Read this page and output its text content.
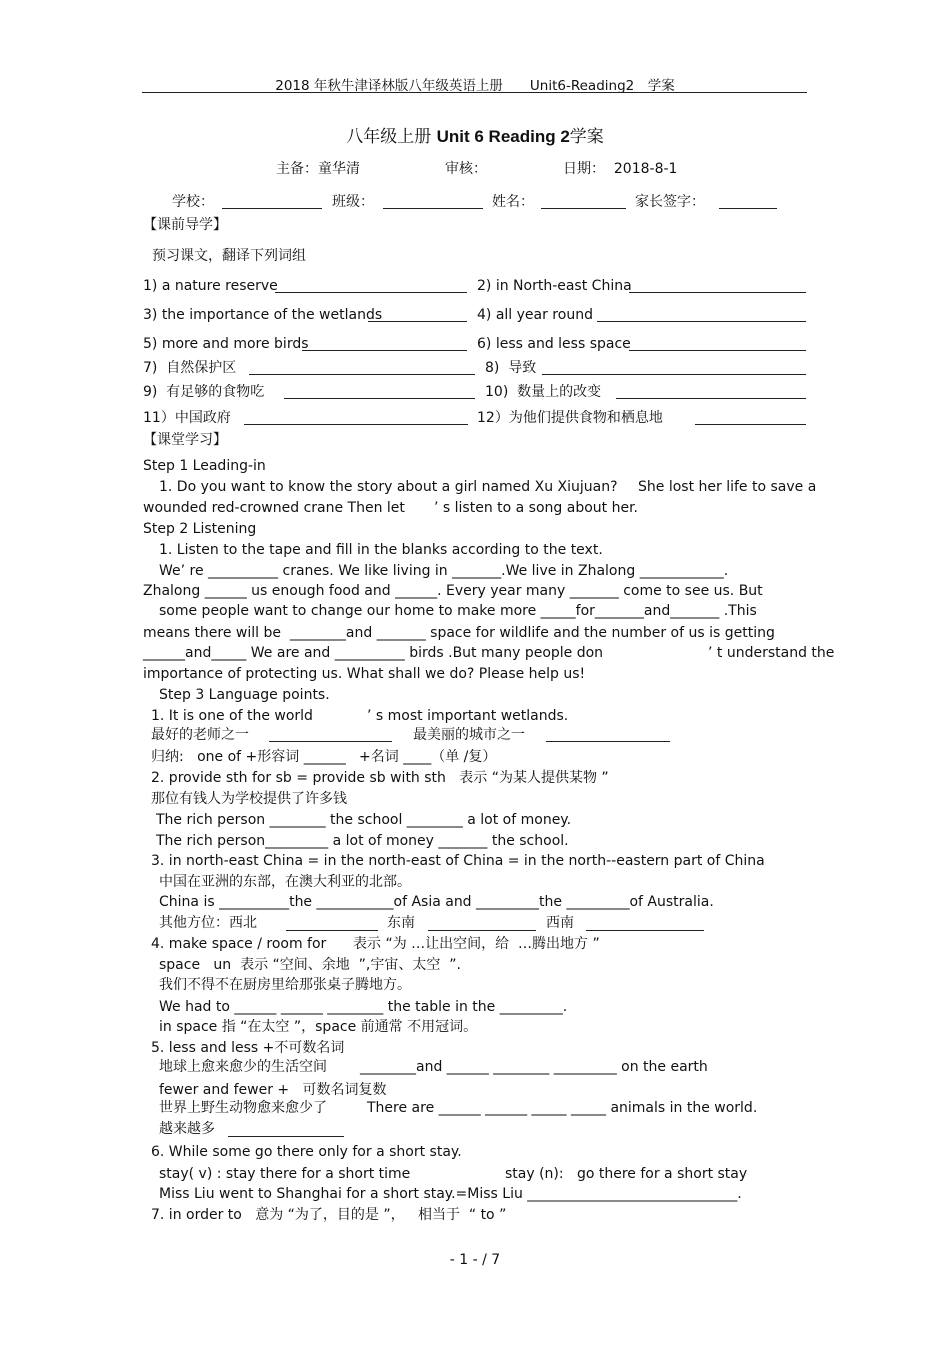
2018 年秋牛津译林版八年级英语上册　　Unit6-Reading2　学案
八年级上册 Unit 6 Reading 2学案
主备：童华清	审核：	日期：  2018-8-1
学校：	班级：	姓名：	家长签字：
【课前导学】
预习课文，翻译下列词组
1) a nature reserve	2) in North-east China
3) the importance of the wetlands	4) all year round
5) more and more birds	6) less and less space
7)  自然保护区	8)  导致
9)  有足够的食物吃	10)  数量上的改变
11）中国政府	12）为他们提供食物和栖息地
【课堂学习】
Step 1 Leading-in
1. Do you want to know the story about a girl named Xu Xiujuan? She lost her life to save a
wounded red-crowned crane Then let ’ s listen to a song about her.
Step 2 Listening
1. Listen to the tape and fill in the blanks according to the text.
We’ re __________ cranes. We like living in _______.We live in Zhalong ____________.
Zhalong ______ us enough food and ______. Every year many _______ come to see us. But
some people want to change our home to make more _____for_______and_______ .This
means there will be  ________and _______ space for wildlife and the number of us is getting
______and_____ We are and __________ birds .But many people don	’ t understand the
importance of protecting us. What shall we do? Please help us!
Step 3 Language points.
1. It is one of the world	’ s most important wetlands.
最好的老师之一	最美丽的城市之一
归纳:   one of +形容词 ______   +名词 ____（单 /复）
2. provide sth for sb = provide sb with sth   表示 “为某人提供某物 ”
那位有钱人为学校提供了许多钱
The rich person ________ the school ________ a lot of money.
The rich person_________ a lot of money _______ the school.
3. in north-east China = in the north-east of China = in the north--eastern part of China
中国在亚洲的东部，在澳大利亚的北部。
China is __________the ___________of Asia and _________the _________of Australia.
其他方位：西北	东南	西南
4. make space / room for      表示 “为 …让出空间，给  …腾出地方 ”
space   un  表示 “空间、余地  ”,宇宙、太空  ”.
我们不得不在厨房里给那张桌子腾地方。
We had to ______ ______ ________ the table in the _________.
in space 指 “在太空 ”，space 前通常 不用冠词。
5. less and less +不可数名词
地球上愈来愈少的生活空间 ________and ______ ________ _________ on the earth
fewer and fewer +   可数名词复数
世界上野生动物愈来愈少了	There are ______ ______ _____ _____ animals in the world.
越来越多
6. While some go there only for a short stay.
stay( v) : stay there for a short time	stay (n):   go there for a short stay
Miss Liu went to Shanghai for a short stay.=Miss Liu ______________________________.
7. in order to   意为 “为了，目的是 ”，   相当于  “ to ”
- 1 - / 7
